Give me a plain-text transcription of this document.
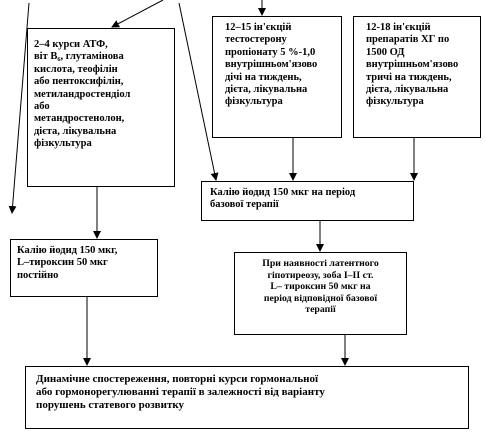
2–4 курси АТФ,
віт В₆, глутамінова
кислота, теофілін
або пентоксифілін,
метиландростендіол
або
метандростенолон,
дієта, лікувальна
фізкультура
12–15 ін'єкцій
тестостерону
пропіонату 5 %-1,0
внутрішньом'язово
дічі на тиждень,
дієта, лікувальна
фізкультура
12-18 ін'єкцій
препаратів ХГ по
1500 ОД
внутрішньом'язово
тричі на тиждень,
дієта, лікувальна
фізкультура
Калію йодид 150 мкг на період
базової терапії
Калію йодид 150 мкг,
L–тироксин 50 мкг
постійно
При наявності латентного
гіпотиреозу, зоба І–ІІ ст.
L– тироксин 50 мкг на
період відповідної базової
терапії
Динамічне спостереження, повторні курси гормональної
або гормонорегулюванні терапії в залежності від варіанту
порушень статевого розвитку
